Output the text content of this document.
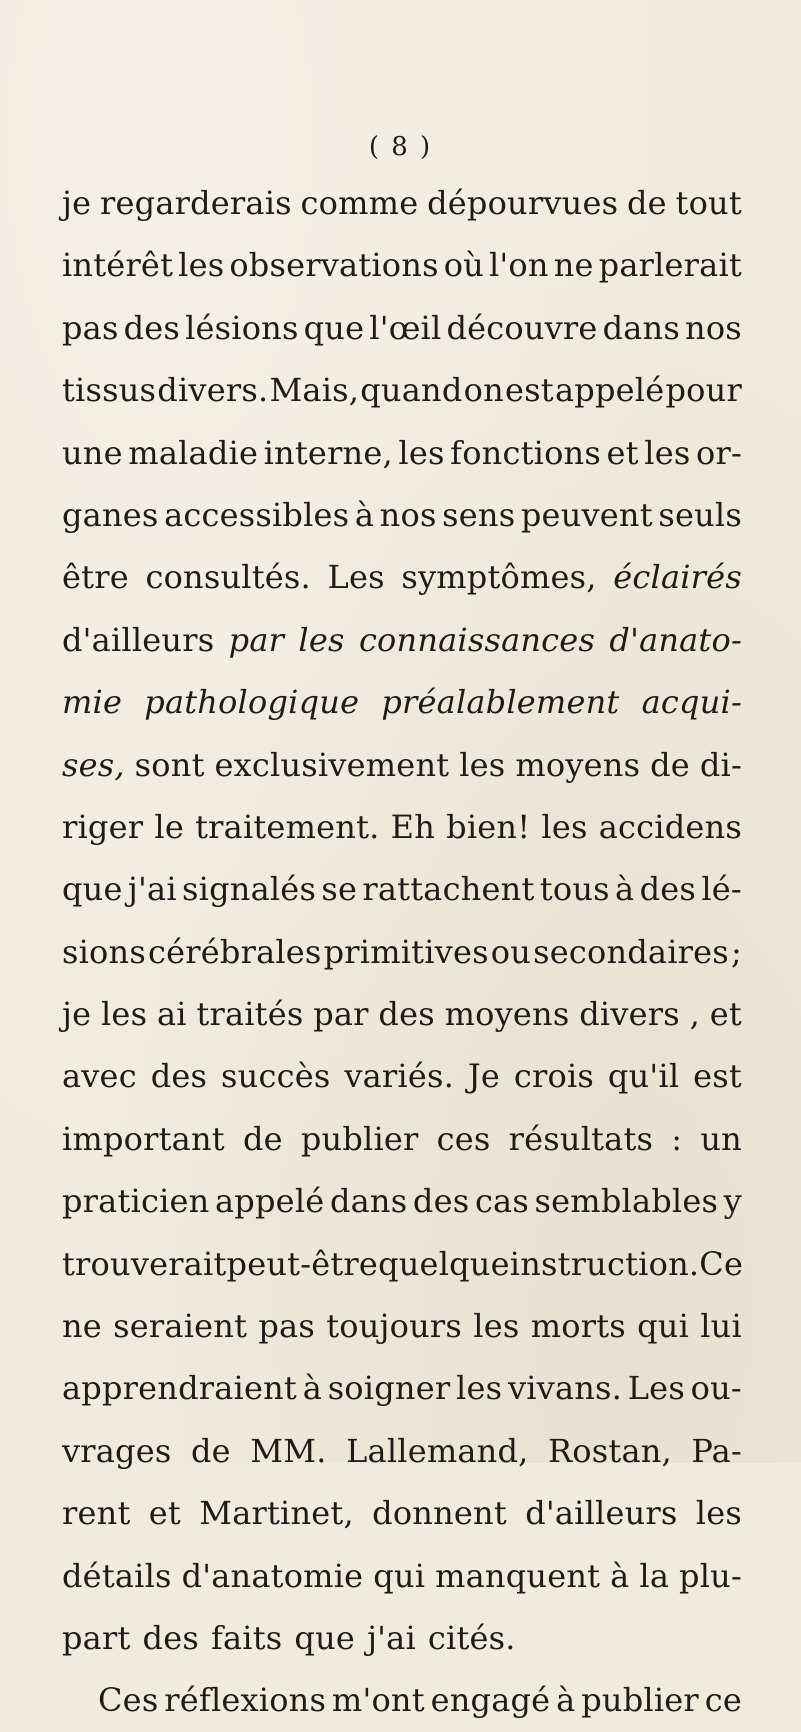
( 8 )
je regarderais comme dépourvues de tout
intérêt les observations où l'on ne parlerait
pas des lésions que l'œil découvre dans nos
tissus divers. Mais, quand on est appelé pour
une maladie interne, les fonctions et les or-
ganes accessibles à nos sens peuvent seuls
être consultés. Les symptômes, éclairés
d'ailleurs par les connaissances d'anato-
mie pathologique préalablement acqui-
ses, sont exclusivement les moyens de di-
riger le traitement. Eh bien! les accidens
que j'ai signalés se rattachent tous à des lé-
sions cérébrales primitives ou secondaires ;
je les ai traités par des moyens divers , et
avec des succès variés. Je crois qu'il est
important de publier ces résultats : un
praticien appelé dans des cas semblables y
trouverait peut-être quelque instruction. Ce
ne seraient pas toujours les morts qui lui
apprendraient à soigner les vivans. Les ou-
vrages de MM. Lallemand, Rostan, Pa-
rent et Martinet, donnent d'ailleurs les
détails d'anatomie qui manquent à la plu-
part des faits que j'ai cités.
Ces réflexions m'ont engagé à publier ce
